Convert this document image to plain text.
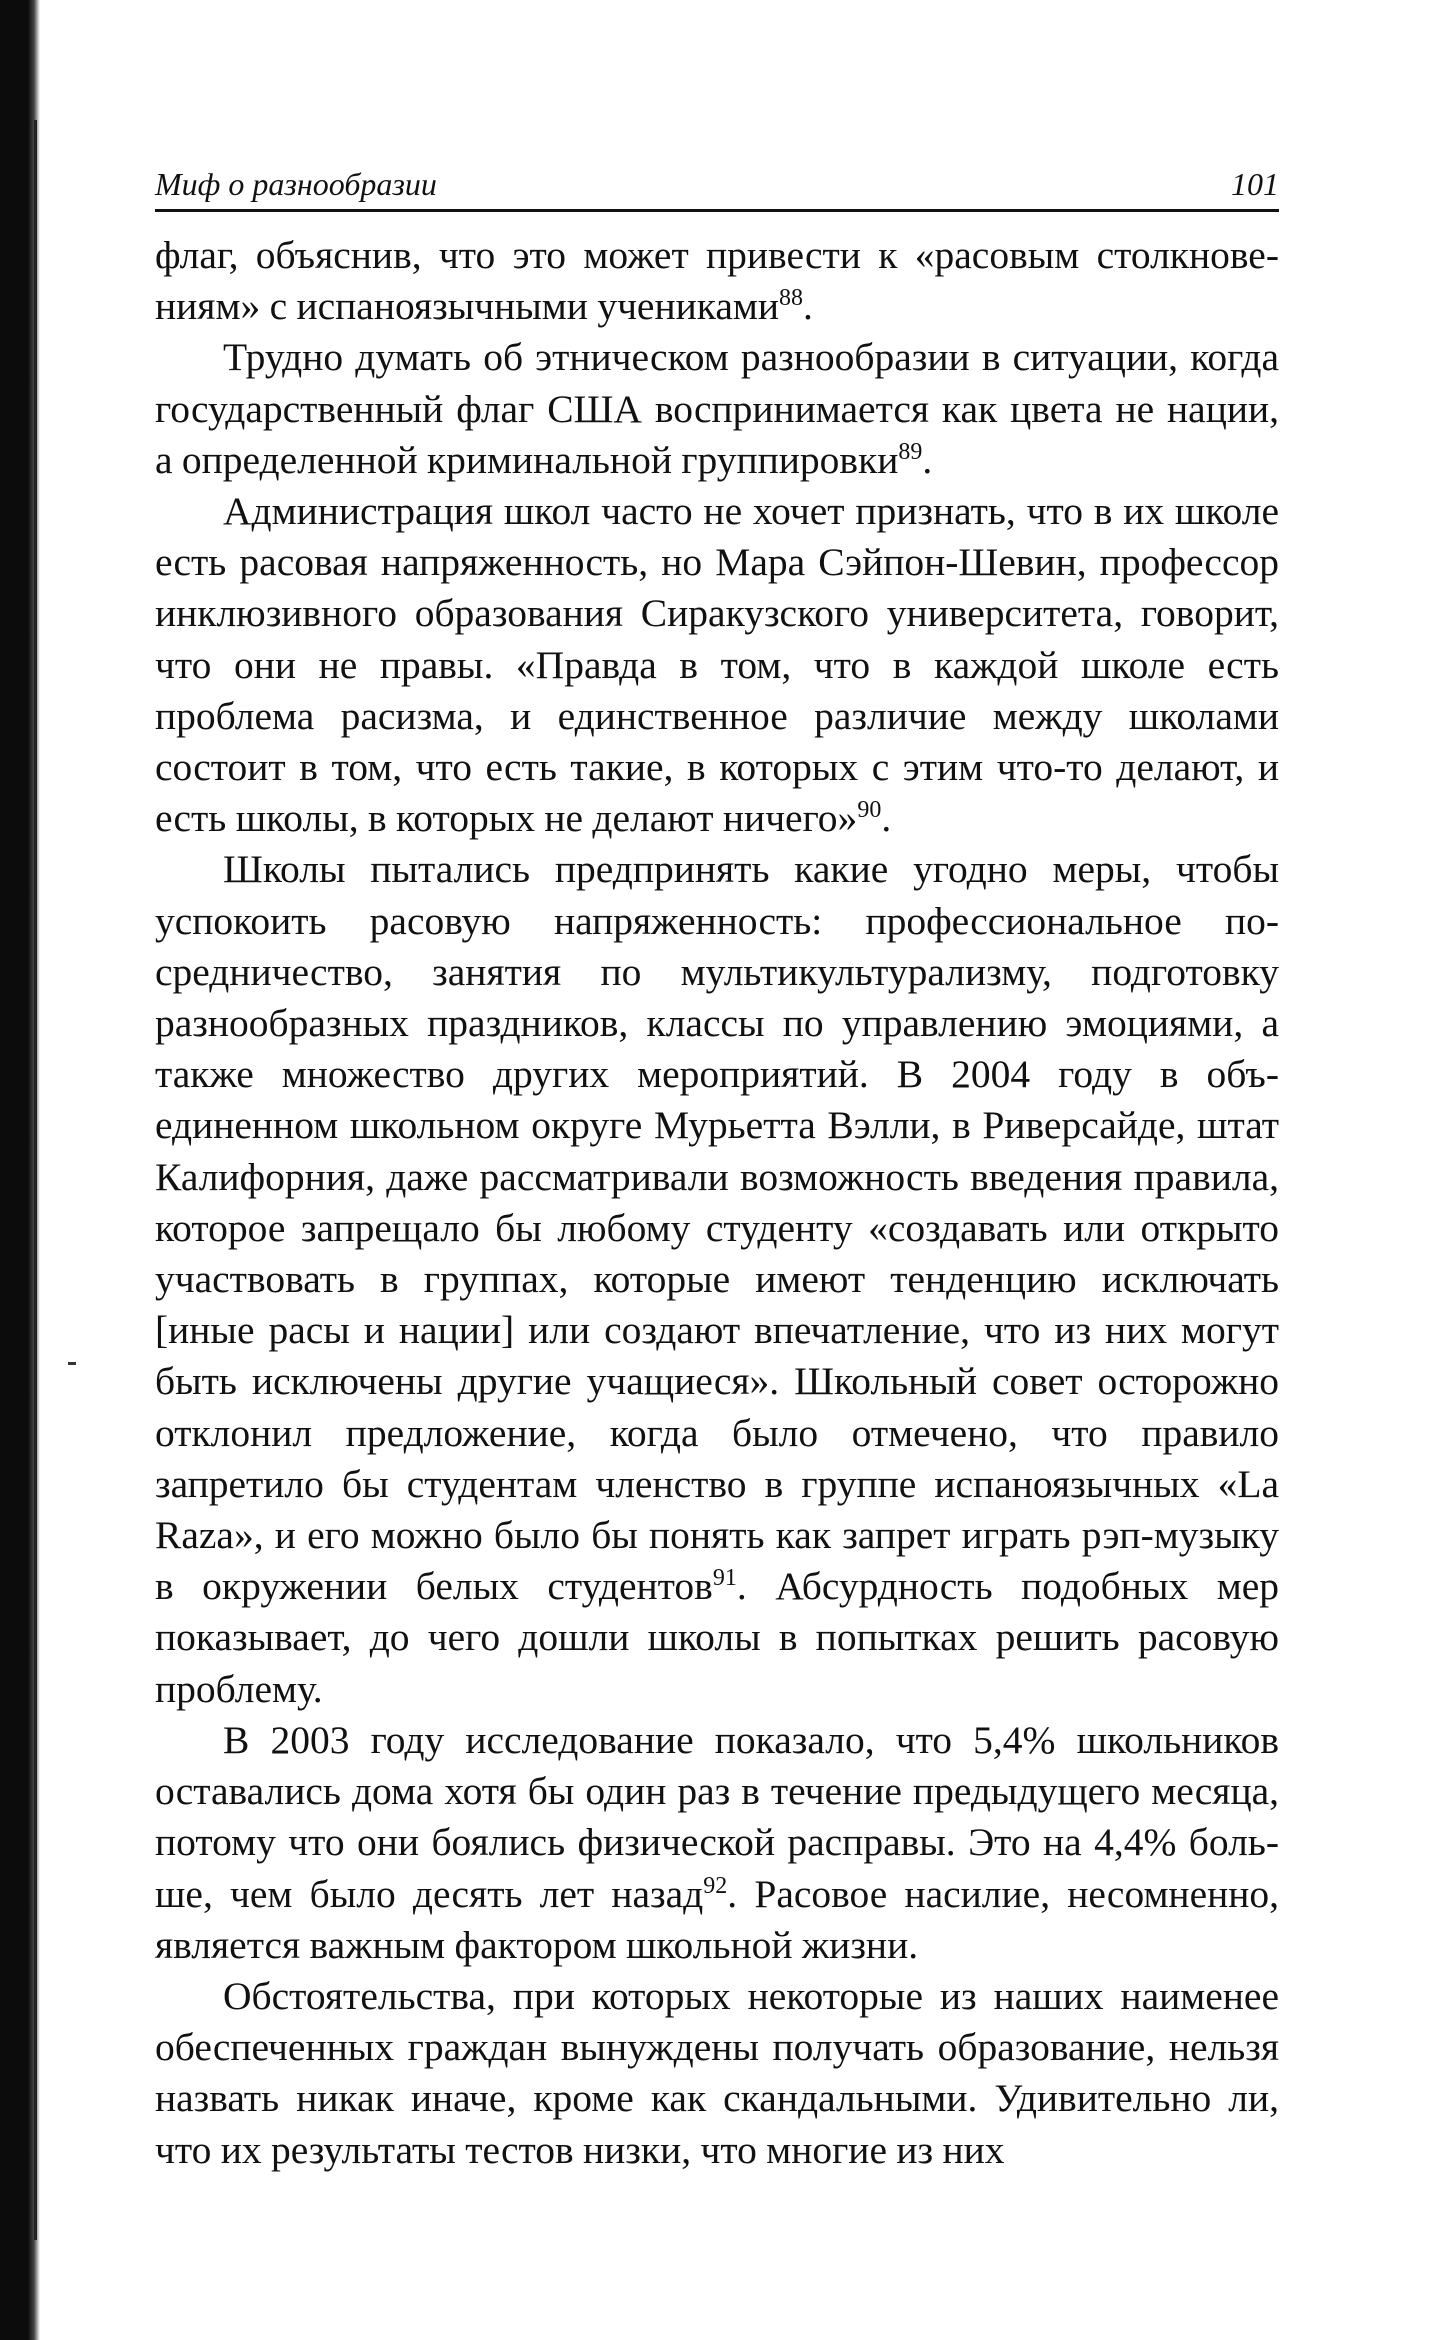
Миф о разнообразии	101

флаг, объяснив, что это может привести к «расовым столкновениям» с испаноязычными учениками$^{88}$.

Трудно думать об этническом разнообразии в ситуации, когда государственный флаг США воспринимается как цвета не нации, а определенной криминальной группировки$^{89}$.

Администрация школ часто не хочет признать, что в их школе есть расовая напряженность, но Мара Сэйпон-Шевин, профессор инклюзивного образования Сиракузского университета, говорит, что они не правы. «Правда в том, что в каждой школе есть проблема расизма, и единственное различие между школами состоит в том, что есть такие, в которых с этим что-то делают, и есть школы, в которых не делают ничего»$^{90}$.

Школы пытались предпринять какие угодно меры, чтобы успокоить расовую напряженность: профессиональное посредничество, занятия по мультикультурализму, подготовку разнообразных праздников, классы по управлению эмоциями, а также множество других мероприятий. В 2004 году в объединенном школьном округе Мурьетта Вэлли, в Риверсайде, штат Калифорния, даже рассматривали возможность введения правила, которое запрещало бы любому студенту «создавать или открыто участвовать в группах, которые имеют тенденцию исключать [иные расы и нации] или создают впечатление, что из них могут быть исключены другие учащиеся». Школьный совет осторожно отклонил предложение, когда было отмечено, что правило запретило бы студентам членство в группе испаноязычных «La Raza», и его можно было бы понять как запрет играть рэп-музыку в окружении белых студентов$^{91}$. Абсурдность подобных мер показывает, до чего дошли школы в попытках решить расовую проблему.

В 2003 году исследование показало, что 5,4% школьников оставались дома хотя бы один раз в течение предыдущего месяца, потому что они боялись физической расправы. Это на 4,4% больше, чем было десять лет назад$^{92}$. Расовое насилие, несомненно, является важным фактором школьной жизни.

Обстоятельства, при которых некоторые из наших наименее обеспеченных граждан вынуждены получать образование, нельзя назвать никак иначе, кроме как скандальными. Удивительно ли, что их результаты тестов низки, что многие из них
